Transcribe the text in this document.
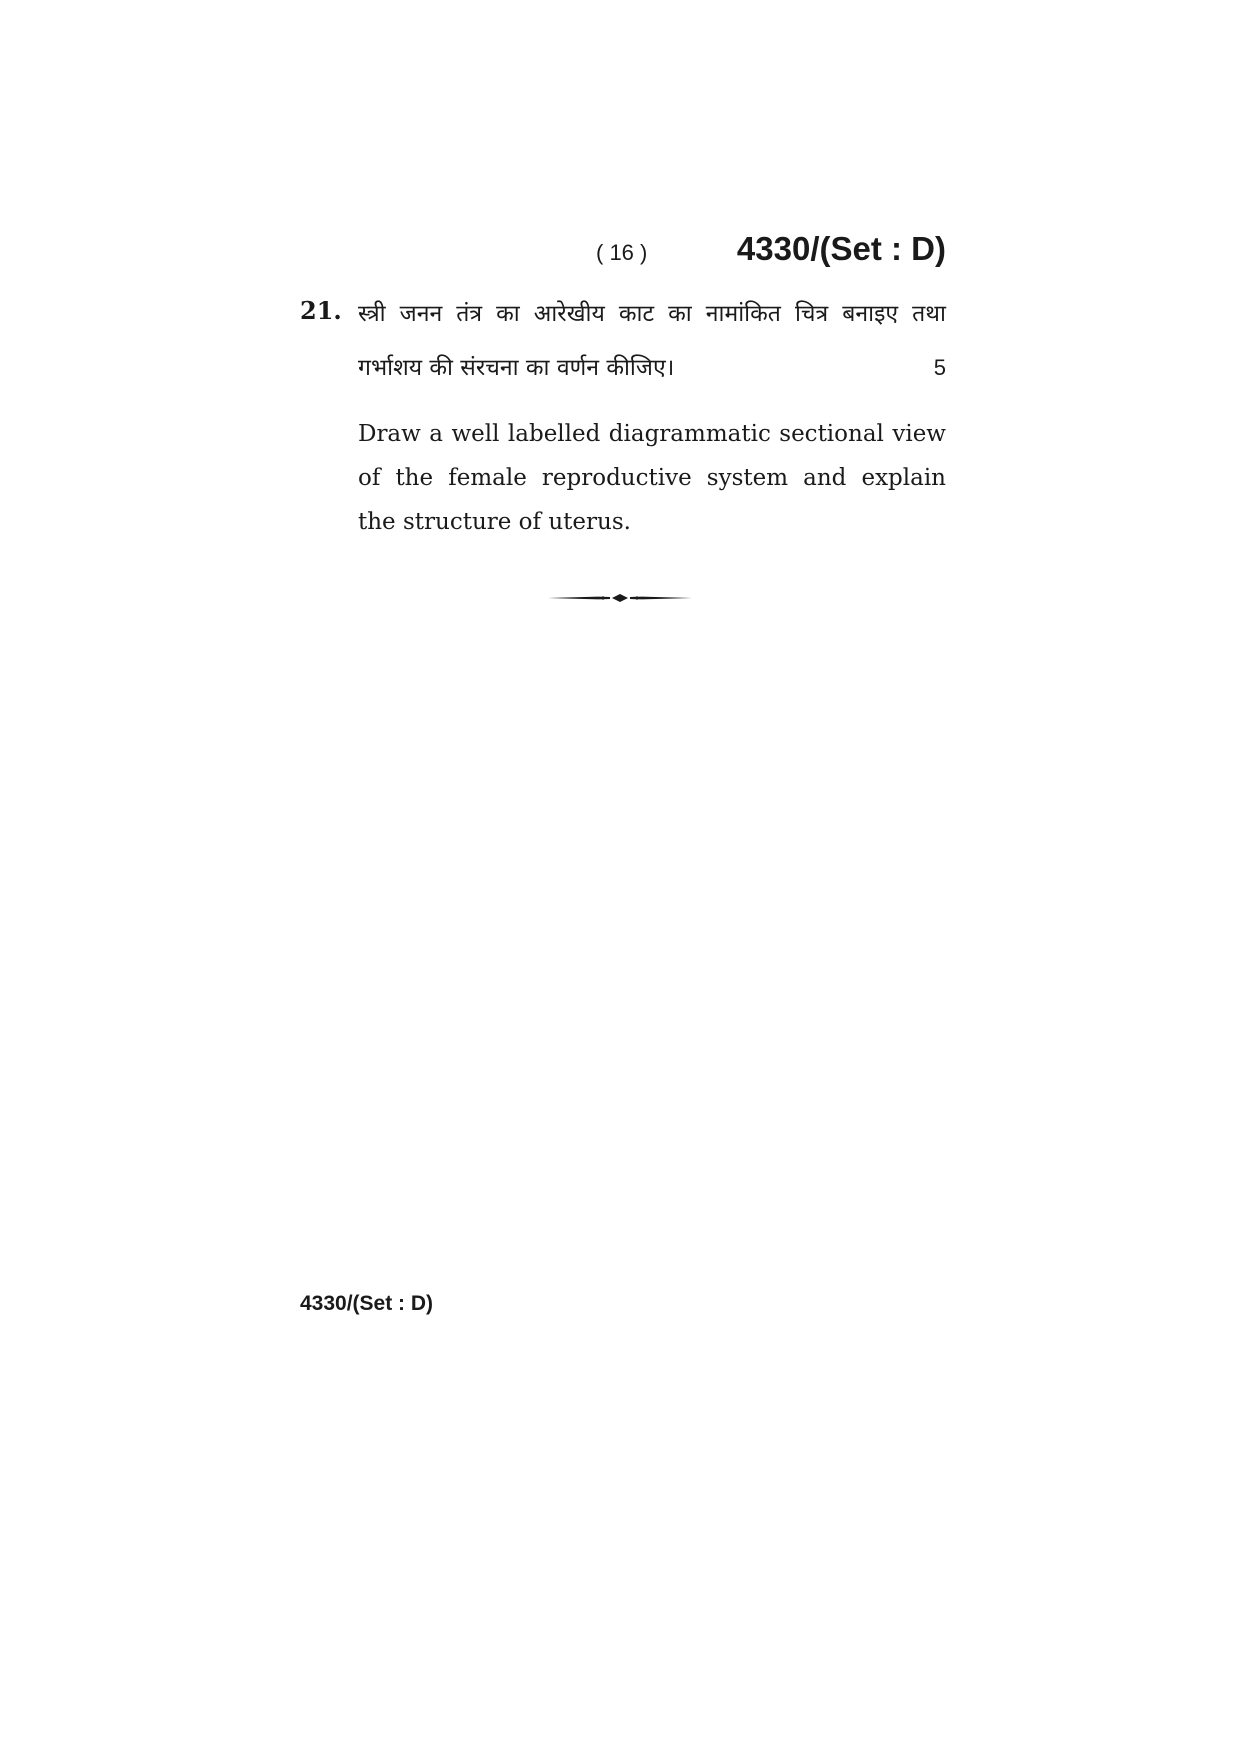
( 16 )	4330/(Set : D)
21. स्त्री जनन तंत्र का आरेखीय काट का नामांकित चित्र बनाइए तथा
गर्भाशय की संरचना का वर्णन कीजिए।	5
Draw a well labelled diagrammatic sectional view
of the female reproductive system and explain
the structure of uterus.
4330/(Set : D)
